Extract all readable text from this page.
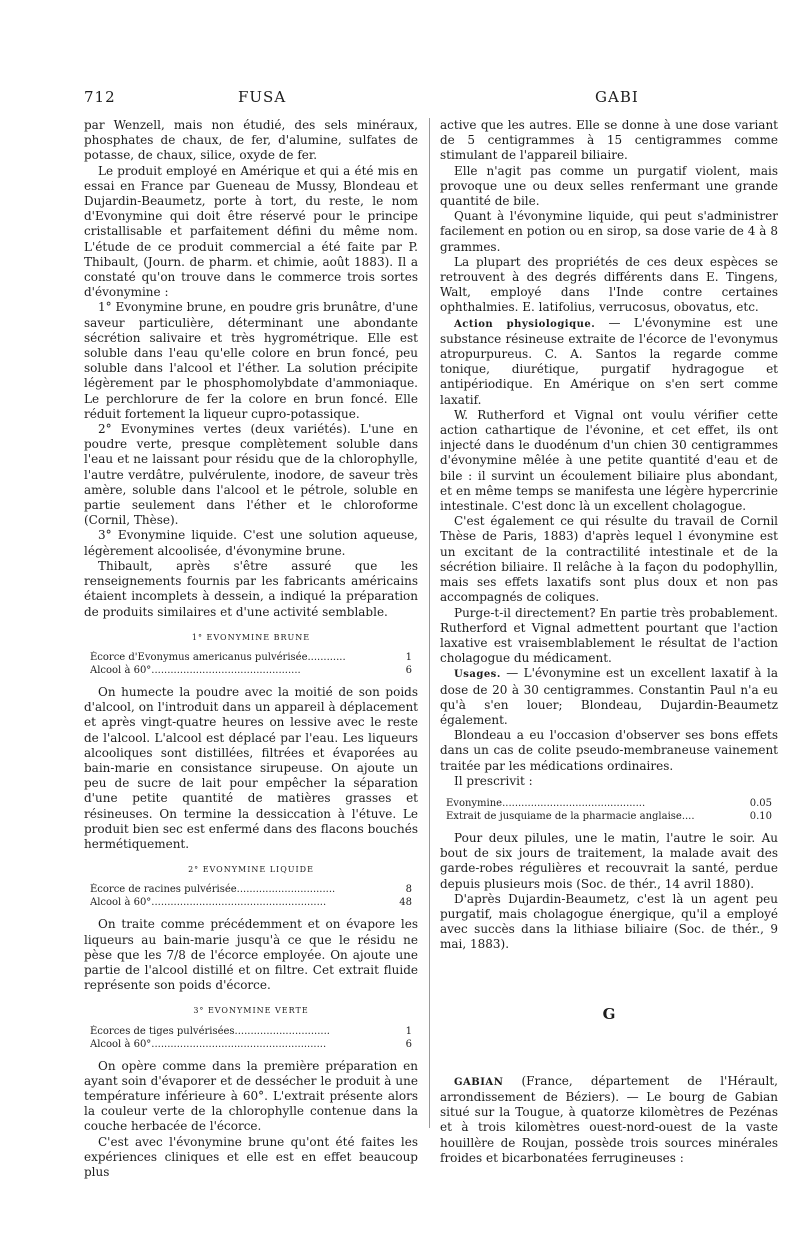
712	FUSA	GABI

par Wenzell, mais non étudié, des sels minéraux, phosphates de chaux, de fer, d'alumine, sulfates de potasse, de chaux, silice, oxyde de fer.

Le produit employé en Amérique et qui a été mis en essai en France par Gueneau de Mussy, Blondeau et Dujardin-Beaumetz, porte à tort, du reste, le nom d'Evonymine qui doit être réservé pour le principe cristallisable et parfaitement défini du même nom. L'étude de ce produit commercial a été faite par P. Thibault, (Journ. de pharm. et chimie, août 1883). Il a constaté qu'on trouve dans le commerce trois sortes d'évonymine :

1° Evonymine brune, en poudre gris brunâtre, d'une saveur particulière, déterminant une abondante sécrétion salivaire et très hygrométrique. Elle est soluble dans l'eau qu'elle colore en brun foncé, peu soluble dans l'alcool et l'éther. La solution précipite légèrement par le phosphomolybdate d'ammoniaque. Le perchlorure de fer la colore en brun foncé. Elle réduit fortement la liqueur cupro-potassique.

2° Evonymines vertes (deux variétés). L'une en poudre verte, presque complètement soluble dans l'eau et ne laissant pour résidu que de la chlorophylle, l'autre verdâtre, pulvérulente, inodore, de saveur très amère, soluble dans l'alcool et le pétrole, soluble en partie seulement dans l'éther et le chloroforme (Cornil, Thèse).

3° Evonymine liquide. C'est une solution aqueuse, légèrement alcoolisée, d'évonymine brune.

Thibault, après s'être assuré que les renseignements fournis par les fabricants américains étaient incomplets à dessein, a indiqué la préparation de produits similaires et d'une activité semblable.

1° EVONYMINE BRUNE
Écorce d'Evonymus americanus pulvérisée............	1
Alcool à 60°...............................................	6

On humecte la poudre avec la moitié de son poids d'alcool, on l'introduit dans un appareil à déplacement et après vingt-quatre heures on lessive avec le reste de l'alcool. L'alcool est déplacé par l'eau. Les liqueurs alcooliques sont distillées, filtrées et évaporées au bain-marie en consistance sirupeuse. On ajoute un peu de sucre de lait pour empêcher la séparation d'une petite quantité de matières grasses et résineuses. On termine la dessiccation à l'étuve. Le produit bien sec est enfermé dans des flacons bouchés hermétiquement.

2° EVONYMINE LIQUIDE
Écorce de racines pulvérisée...............................	8
Alcool à 60°.......................................................	48

On traite comme précédemment et on évapore les liqueurs au bain-marie jusqu'à ce que le résidu ne pèse que les 7/8 de l'écorce employée. On ajoute une partie de l'alcool distillé et on filtre. Cet extrait fluide représente son poids d'écorce.

3° EVONYMINE VERTE
Écorces de tiges pulvérisées..............................	1
Alcool à 60°.......................................................	6

On opère comme dans la première préparation en ayant soin d'évaporer et de dessécher le produit à une température inférieure à 60°. L'extrait présente alors la couleur verte de la chlorophylle contenue dans la couche herbacée de l'écorce.

C'est avec l'évonymine brune qu'ont été faites les expériences cliniques et elle est en effet beaucoup plus

active que les autres. Elle se donne à une dose variant de 5 centigrammes à 15 centigrammes comme stimulant de l'appareil biliaire.

Elle n'agit pas comme un purgatif violent, mais provoque une ou deux selles renfermant une grande quantité de bile.

Quant à l'évonymine liquide, qui peut s'administrer facilement en potion ou en sirop, sa dose varie de 4 à 8 grammes.

La plupart des propriétés de ces deux espèces se retrouvent à des degrés différents dans E. Tingens, Walt, employé dans l'Inde contre certaines ophthalmies. E. latifolius, verrucosus, obovatus, etc.

Action physiologique. — L'évonymine est une substance résineuse extraite de l'écorce de l'evonymus atropurpureus. C. A. Santos la regarde comme tonique, diurétique, purgatif hydragogue et antipériodique. En Amérique on s'en sert comme laxatif.

W. Rutherford et Vignal ont voulu vérifier cette action cathartique de l'évonine, et cet effet, ils ont injecté dans le duodénum d'un chien 30 centigrammes d'évonymine mêlée à une petite quantité d'eau et de bile : il survint un écoulement biliaire plus abondant, et en même temps se manifesta une légère hypercrinie intestinale. C'est donc là un excellent cholagogue.

C'est également ce qui résulte du travail de Cornil Thèse de Paris, 1883) d'après lequel l évonymine est un excitant de la contractilité intestinale et de la sécrétion biliaire. Il relâche à la façon du podophyllin, mais ses effets laxatifs sont plus doux et non pas accompagnés de coliques.

Purge-t-il directement? En partie très probablement. Rutherford et Vignal admettent pourtant que l'action laxative est vraisemblablement le résultat de l'action cholagogue du médicament.

Usages. — L'évonymine est un excellent laxatif à la dose de 20 à 30 centigrammes. Constantin Paul n'a eu qu'à s'en louer; Blondeau, Dujardin-Beaumetz également.

Blondeau a eu l'occasion d'observer ses bons effets dans un cas de colite pseudo-membraneuse vainement traitée par les médications ordinaires.

Il prescrivit :

Evonymine.............................................	0.05
Extrait de jusquiame de la pharmacie anglaise....	0.10

Pour deux pilules, une le matin, l'autre le soir. Au bout de six jours de traitement, la malade avait des garde-robes régulières et recouvrait la santé, perdue depuis plusieurs mois (Soc. de thér., 14 avril 1880).

D'après Dujardin-Beaumetz, c'est là un agent peu purgatif, mais cholagogue énergique, qu'il a employé avec succès dans la lithiase biliaire (Soc. de thér., 9 mai, 1883).

G

GABIAN (France, département de l'Hérault, arrondissement de Béziers). — Le bourg de Gabian situé sur la Tougue, à quatorze kilomètres de Pezénas et à trois kilomètres ouest-nord-ouest de la vaste houillère de Roujan, possède trois sources minérales froides et bicarbonatées ferrugineuses :
